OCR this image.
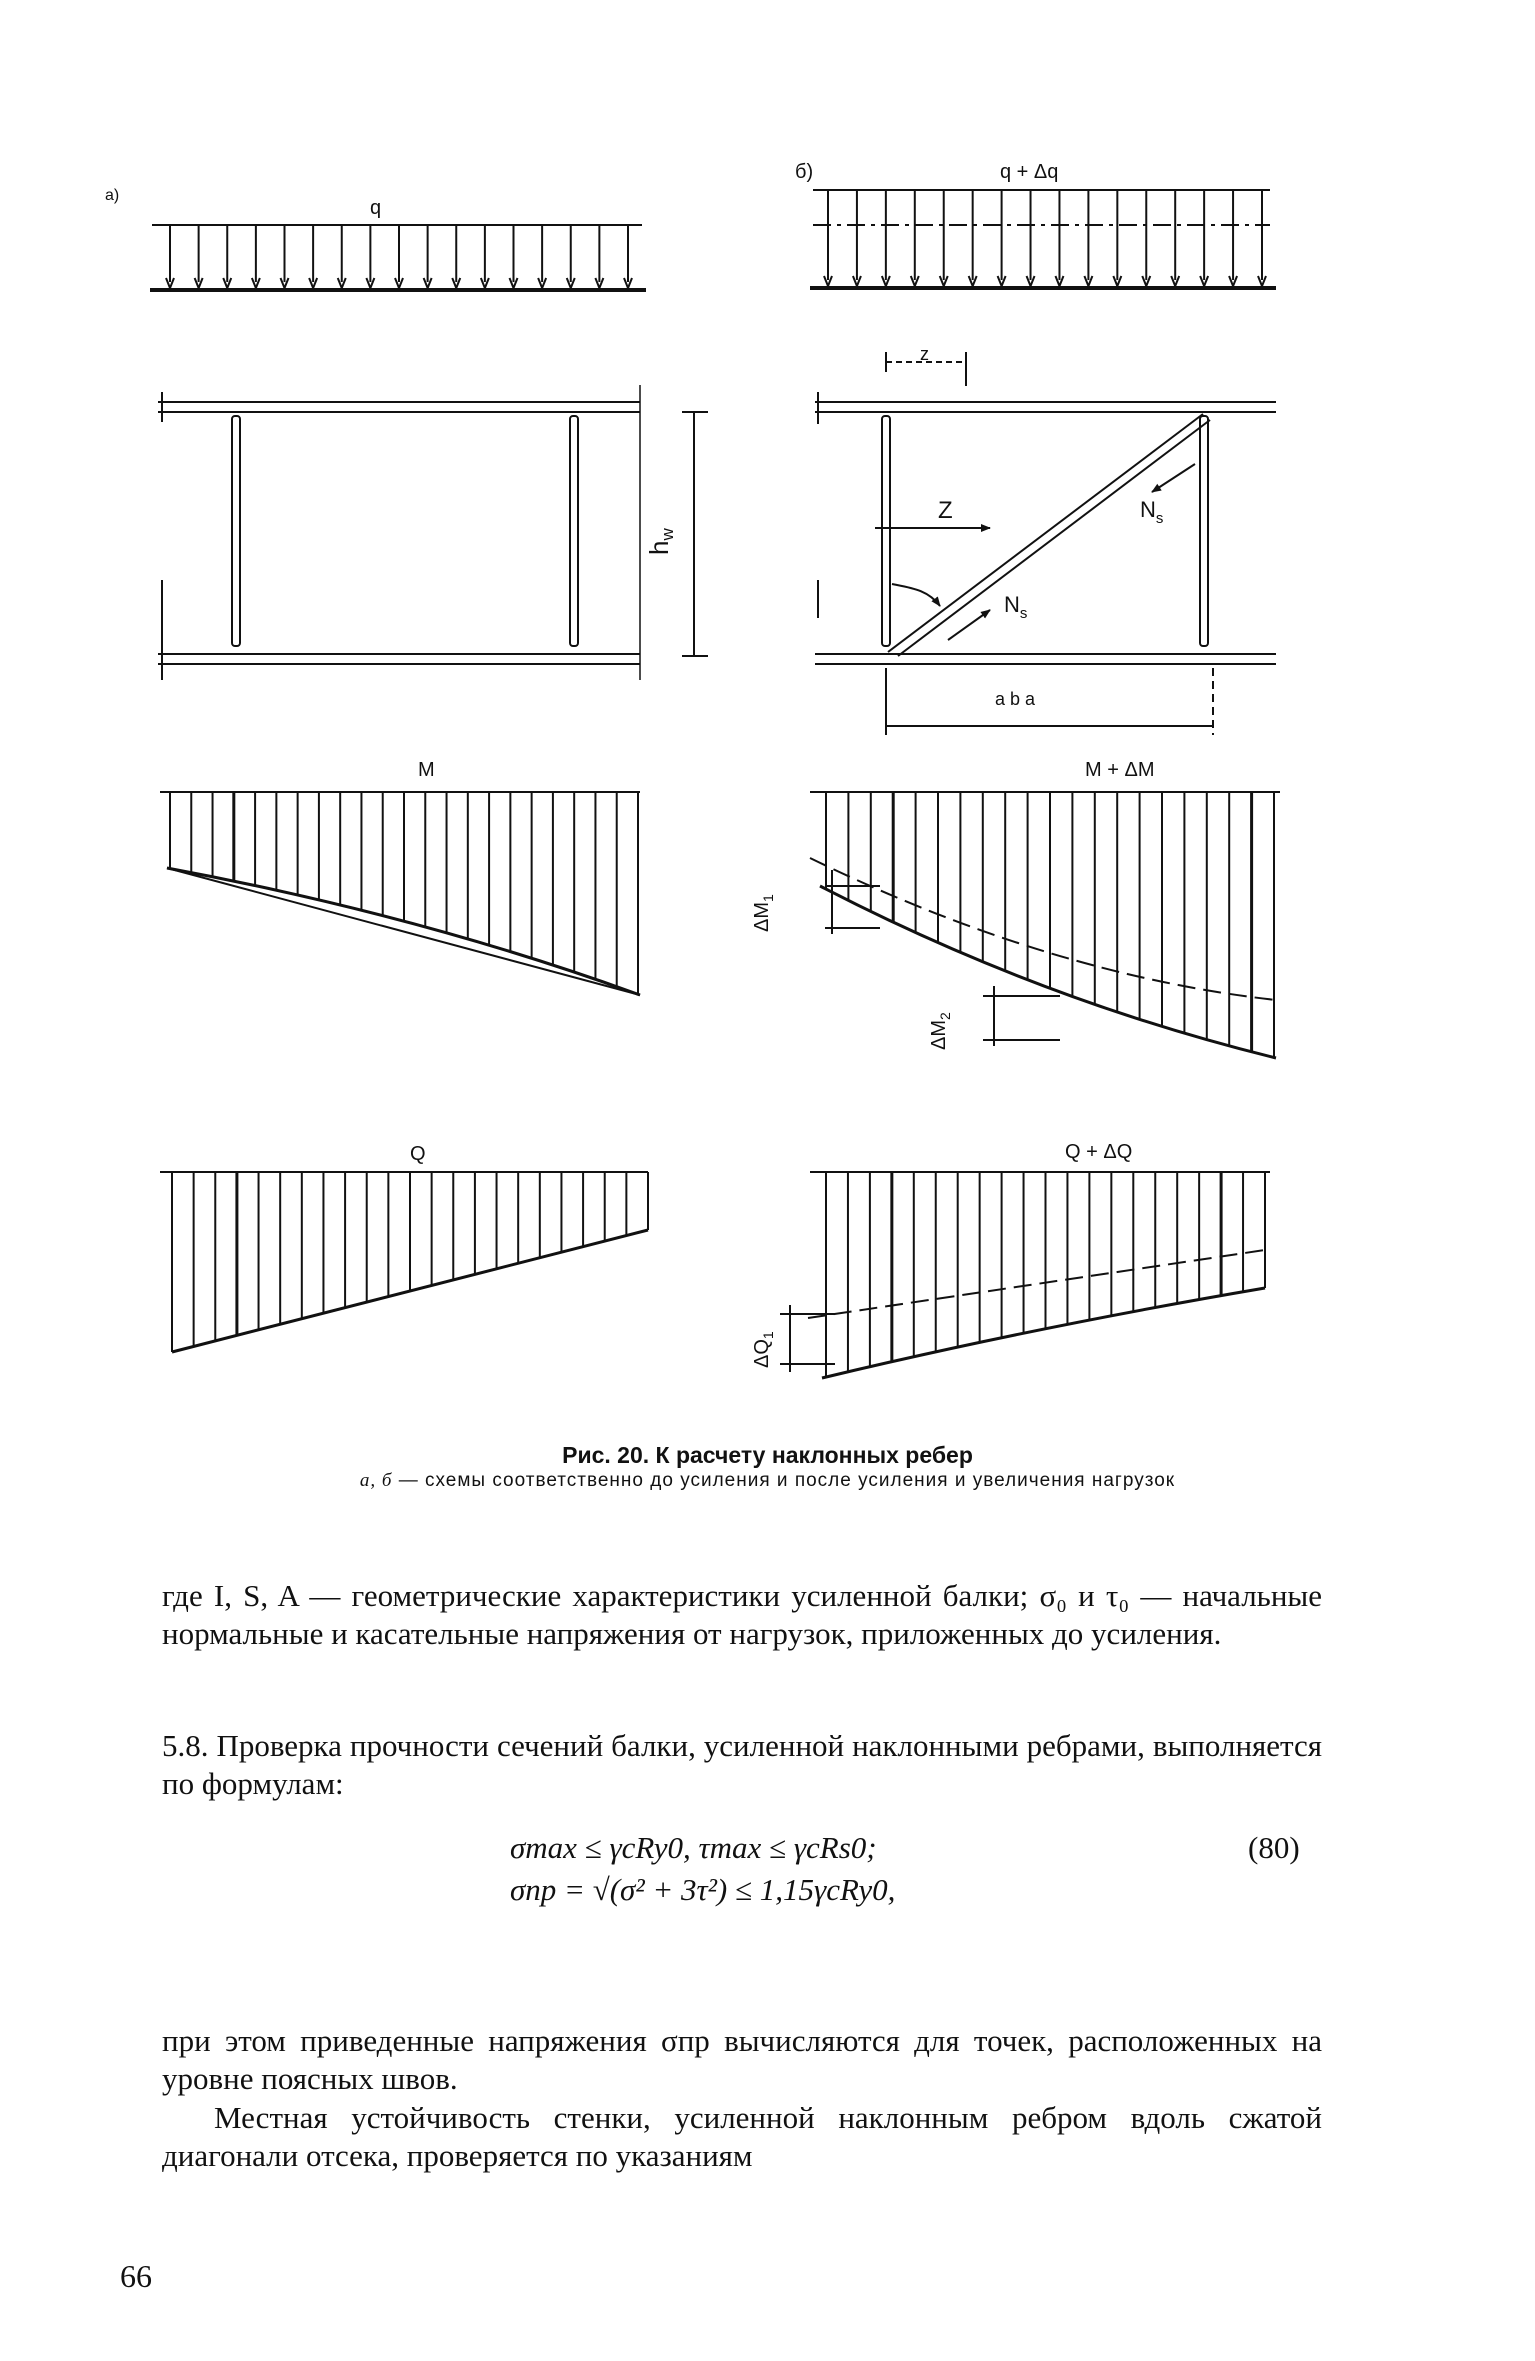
а)
q
б)	q + Δq
hw
z
Z	$N_s$
$N_s$
a b a
M	M + ΔM
$\Delta M_1$
$\Delta M_2$
Q	Q + ΔQ
$\Delta Q_1$
Рис. 20. К расчету наклонных ребер
а, б — схемы соответственно до усиления и после усиления и увеличения нагрузок
где I, S, A — геометрические характеристики усиленной балки; σ₀ и τ₀ — начальные нормальные и касательные напряжения от нагрузок, приложенных до усиления.
5.8. Проверка прочности сечений балки, усиленной наклонными ребрами, выполняется по формулам:
σmax ≤ γcRy0, τmax ≤ γcRs0;
σпр = √(σ² + 3τ²) ≤ 1,15γcRy0,
(80)
при этом приведенные напряжения σпр вычисляются для точек, расположенных на уровне поясных швов.
Местная устойчивость стенки, усиленной наклонным ребром вдоль сжатой диагонали отсека, проверяется по указаниям
66
